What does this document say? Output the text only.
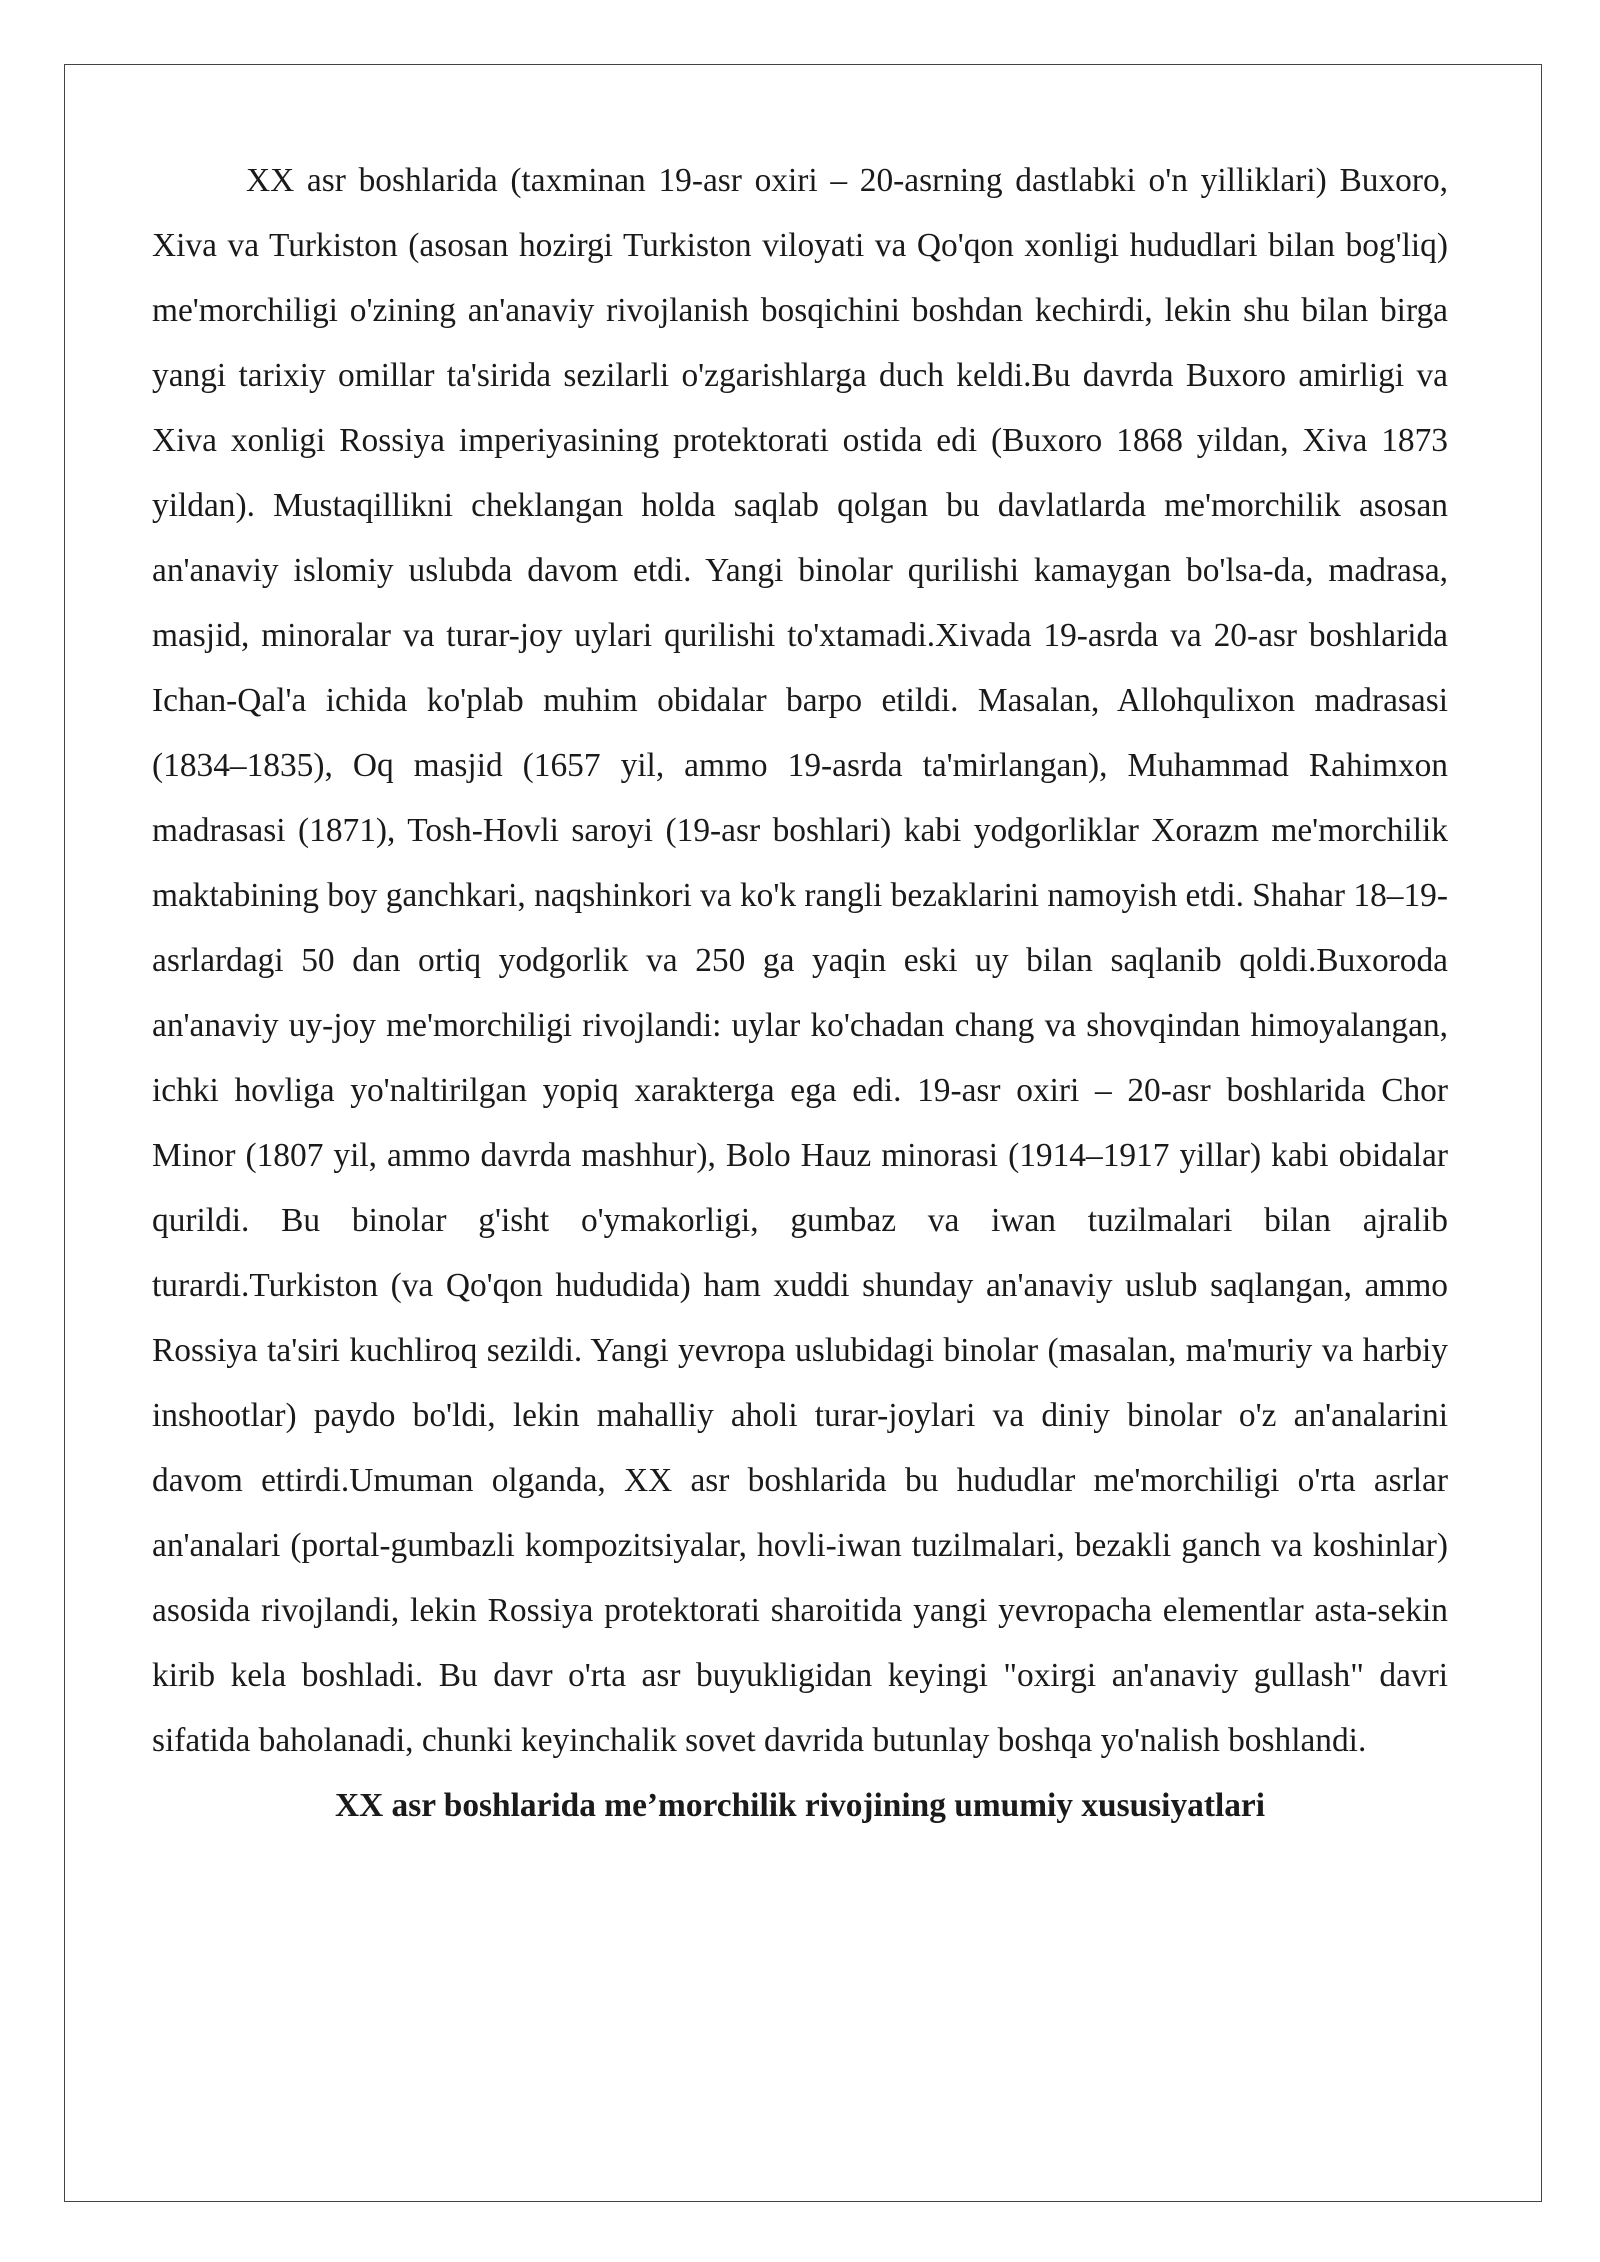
XX asr boshlarida (taxminan 19-asr oxiri – 20-asrning dastlabki o'n yilliklari) Buxoro, Xiva va Turkiston (asosan hozirgi Turkiston viloyati va Qo'qon xonligi hududlari bilan bog'liq) me'morchiligi o'zining an'anaviy rivojlanish bosqichini boshdan kechirdi, lekin shu bilan birga yangi tarixiy omillar ta'sirida sezilarli o'zgarishlarga duch keldi.Bu davrda Buxoro amirligi va Xiva xonligi Rossiya imperiyasining protektorati ostida edi (Buxoro 1868 yildan, Xiva 1873 yildan). Mustaqillikni cheklangan holda saqlab qolgan bu davlatlarda me'morchilik asosan an'anaviy islomiy uslubda davom etdi. Yangi binolar qurilishi kamaygan bo'lsa-da, madrasa, masjid, minoralar va turar-joy uylari qurilishi to'xtamadi.Xivada 19-asrda va 20-asr boshlarida Ichan-Qal'a ichida ko'plab muhim obidalar barpo etildi. Masalan, Allohqulixon madrasasi (1834–1835), Oq masjid (1657 yil, ammo 19-asrda ta'mirlangan), Muhammad Rahimxon madrasasi (1871), Tosh-Hovli saroyi (19-asr boshlari) kabi yodgorliklar Xorazm me'morchilik maktabining boy ganchkari, naqshinkori va ko'k rangli bezaklarini namoyish etdi. Shahar 18–19-asrlardagi 50 dan ortiq yodgorlik va 250 ga yaqin eski uy bilan saqlanib qoldi.Buxoroda an'anaviy uy-joy me'morchiligi rivojlandi: uylar ko'chadan chang va shovqindan himoyalangan, ichki hovliga yo'naltirilgan yopiq xarakterga ega edi. 19-asr oxiri – 20-asr boshlarida Chor Minor (1807 yil, ammo davrda mashhur), Bolo Hauz minorasi (1914–1917 yillar) kabi obidalar qurildi. Bu binolar g'isht o'ymakorligi, gumbaz va iwan tuzilmalari bilan ajralib turardi.Turkiston (va Qo'qon hududida) ham xuddi shunday an'anaviy uslub saqlangan, ammo Rossiya ta'siri kuchliroq sezildi. Yangi yevropa uslubidagi binolar (masalan, ma'muriy va harbiy inshootlar) paydo bo'ldi, lekin mahalliy aholi turar-joylari va diniy binolar o'z an'analarini davom ettirdi.Umuman olganda, XX asr boshlarida bu hududlar me'morchiligi o'rta asrlar an'analari (portal-gumbazli kompozitsiyalar, hovli-iwan tuzilmalari, bezakli ganch va koshinlar) asosida rivojlandi, lekin Rossiya protektorati sharoitida yangi yevropacha elementlar asta-sekin kirib kela boshladi. Bu davr o'rta asr buyukligidan keyingi "oxirgi an'anaviy gullash" davri sifatida baholanadi, chunki keyinchalik sovet davrida butunlay boshqa yo'nalish boshlandi.

XX asr boshlarida me’morchilik rivojining umumiy xususiyatlari
